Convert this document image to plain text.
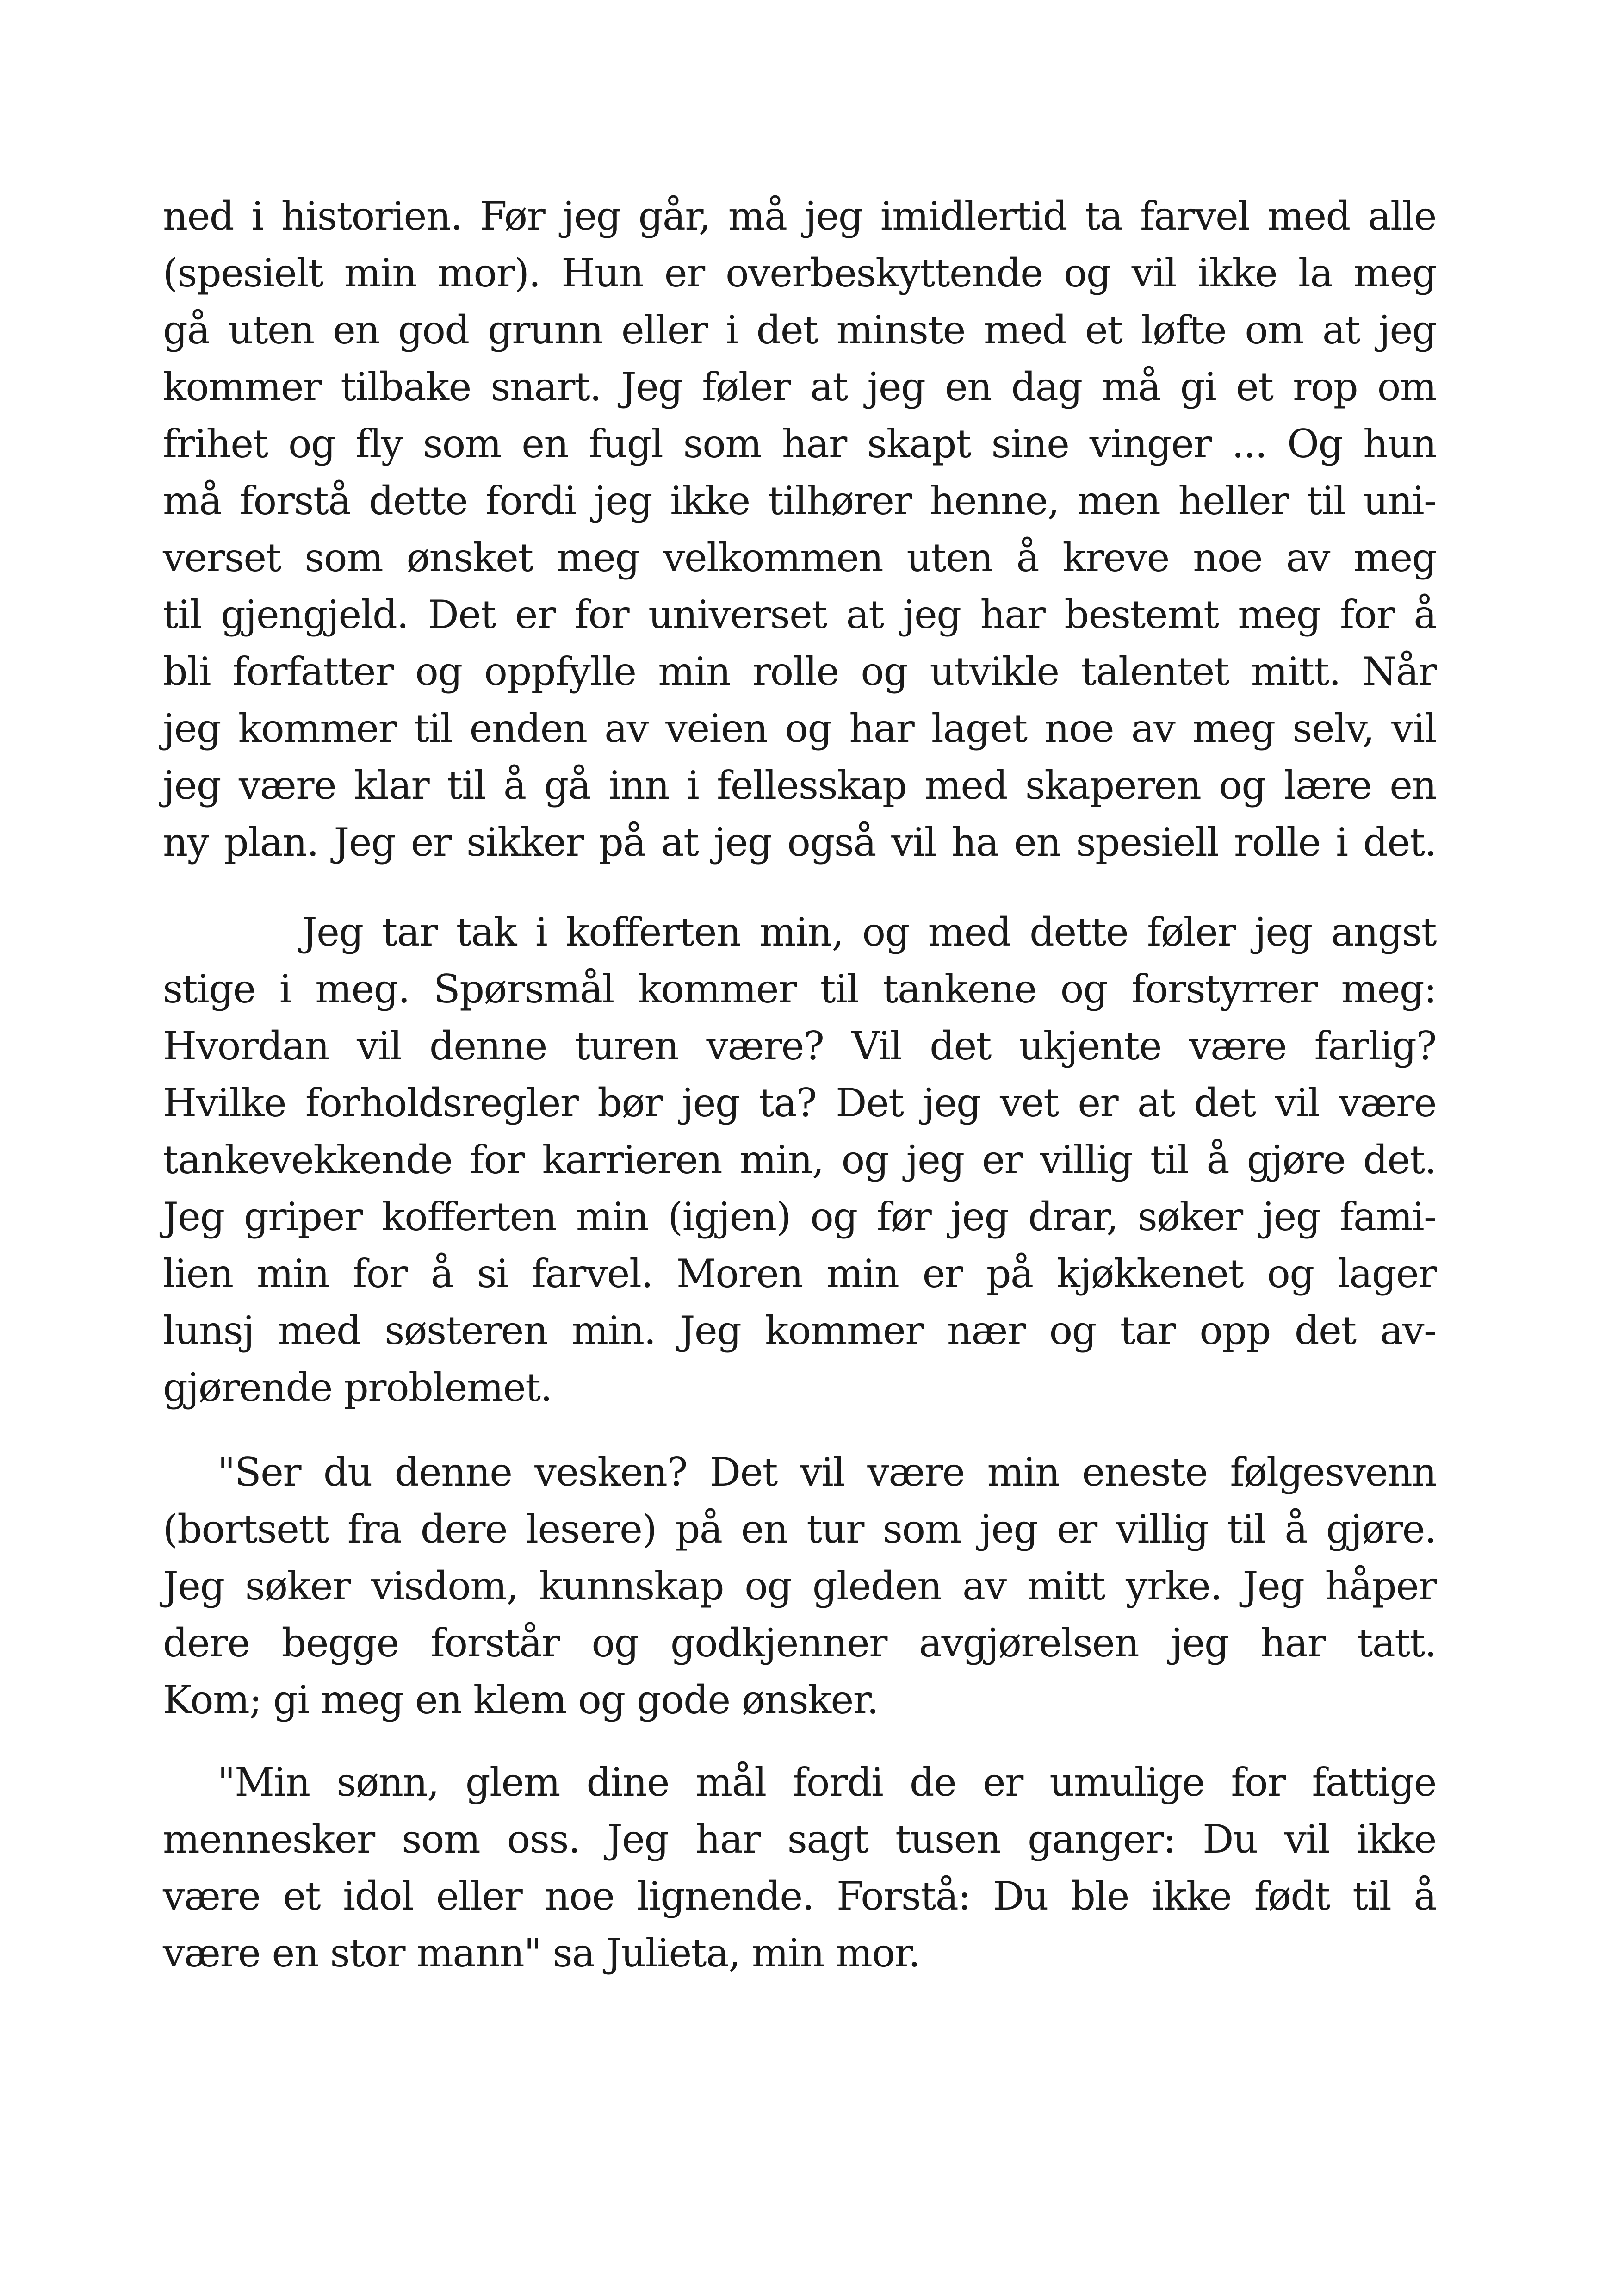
ned i historien. Før jeg går, må jeg imidlertid ta farvel med alle
(spesielt min mor). Hun er overbeskyttende og vil ikke la meg
gå uten en god grunn eller i det minste med et løfte om at jeg
kommer tilbake snart. Jeg føler at jeg en dag må gi et rop om
frihet og fly som en fugl som har skapt sine vinger ... Og hun
må forstå dette fordi jeg ikke tilhører henne, men heller til uni-
verset som ønsket meg velkommen uten å kreve noe av meg
til gjengjeld. Det er for universet at jeg har bestemt meg for å
bli forfatter og oppfylle min rolle og utvikle talentet mitt. Når
jeg kommer til enden av veien og har laget noe av meg selv, vil
jeg være klar til å gå inn i fellesskap med skaperen og lære en
ny plan. Jeg er sikker på at jeg også vil ha en spesiell rolle i det.
Jeg tar tak i kofferten min, og med dette føler jeg angst
stige i meg. Spørsmål kommer til tankene og forstyrrer meg:
Hvordan vil denne turen være? Vil det ukjente være farlig?
Hvilke forholdsregler bør jeg ta? Det jeg vet er at det vil være
tankevekkende for karrieren min, og jeg er villig til å gjøre det.
Jeg griper kofferten min (igjen) og før jeg drar, søker jeg fami-
lien min for å si farvel. Moren min er på kjøkkenet og lager
lunsj med søsteren min. Jeg kommer nær og tar opp det av-
gjørende problemet.
"Ser du denne vesken? Det vil være min eneste følgesvenn
(bortsett fra dere lesere) på en tur som jeg er villig til å gjøre.
Jeg søker visdom, kunnskap og gleden av mitt yrke. Jeg håper
dere begge forstår og godkjenner avgjørelsen jeg har tatt.
Kom; gi meg en klem og gode ønsker.
"Min sønn, glem dine mål fordi de er umulige for fattige
mennesker som oss. Jeg har sagt tusen ganger: Du vil ikke
være et idol eller noe lignende. Forstå: Du ble ikke født til å
være en stor mann" sa Julieta, min mor.
